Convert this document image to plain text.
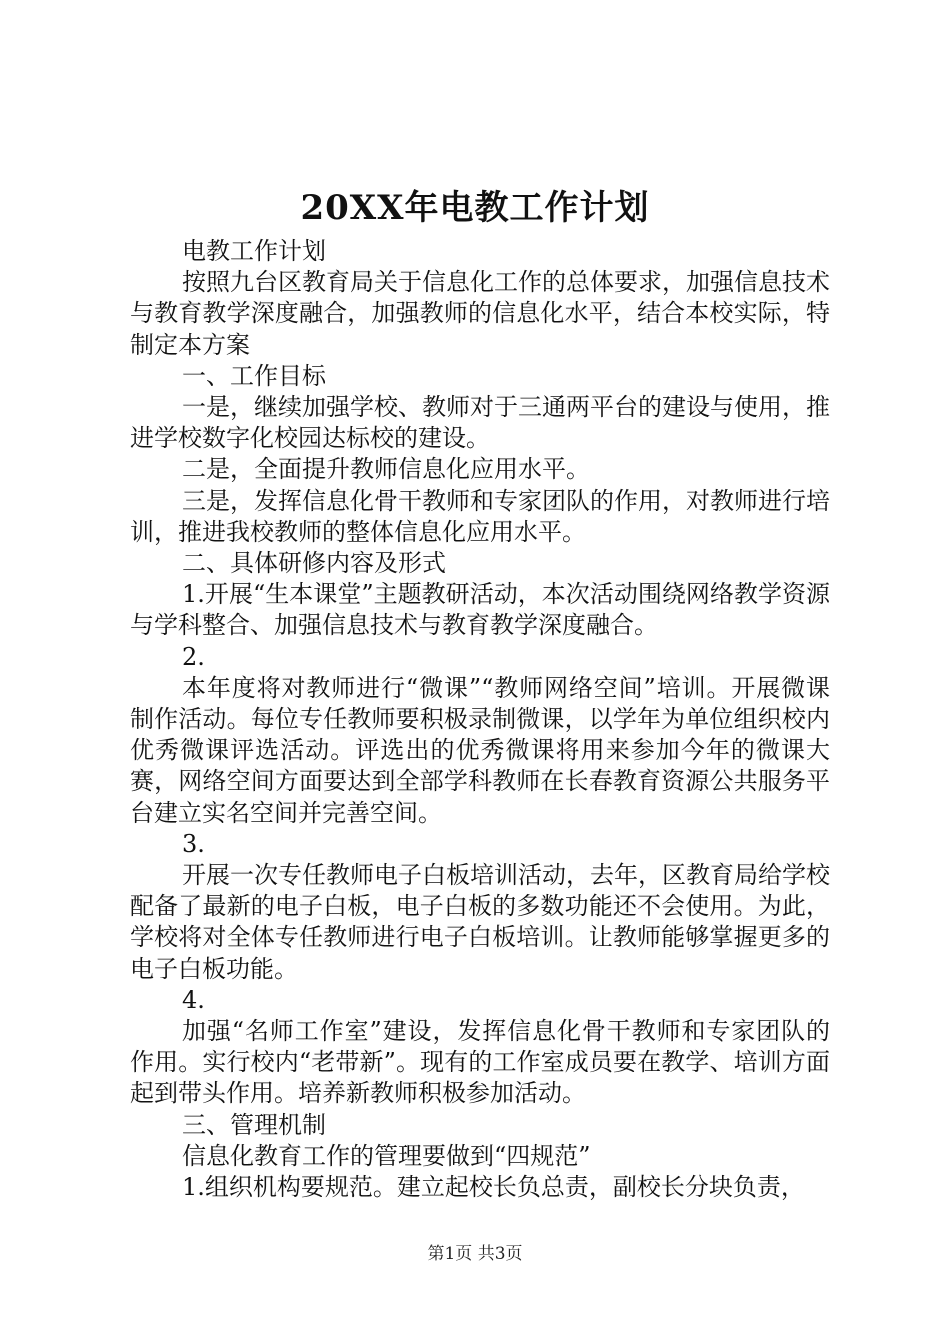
20XX年电教工作计划

电教工作计划

按照九台区教育局关于信息化工作的总体要求，加强信息技术与教育教学深度融合，加强教师的信息化水平，结合本校实际，特制定本方案

一、工作目标

一是，继续加强学校、教师对于三通两平台的建设与使用，推进学校数字化校园达标校的建设。

二是，全面提升教师信息化应用水平。

三是，发挥信息化骨干教师和专家团队的作用，对教师进行培训，推进我校教师的整体信息化应用水平。

二、具体研修内容及形式

1.开展“生本课堂”主题教研活动，本次活动围绕网络教学资源与学科整合、加强信息技术与教育教学深度融合。

2.

本年度将对教师进行“微课”“教师网络空间”培训。开展微课制作活动。每位专任教师要积极录制微课，以学年为单位组织校内优秀微课评选活动。评选出的优秀微课将用来参加今年的微课大赛，网络空间方面要达到全部学科教师在长春教育资源公共服务平台建立实名空间并完善空间。

3.

开展一次专任教师电子白板培训活动，去年，区教育局给学校配备了最新的电子白板，电子白板的多数功能还不会使用。为此，学校将对全体专任教师进行电子白板培训。让教师能够掌握更多的电子白板功能。

4.

加强“名师工作室”建设，发挥信息化骨干教师和专家团队的作用。实行校内“老带新”。现有的工作室成员要在教学、培训方面起到带头作用。培养新教师积极参加活动。

三、管理机制

信息化教育工作的管理要做到“四规范”

1.组织机构要规范。建立起校长负总责，副校长分块负责，

第1页 共3页
